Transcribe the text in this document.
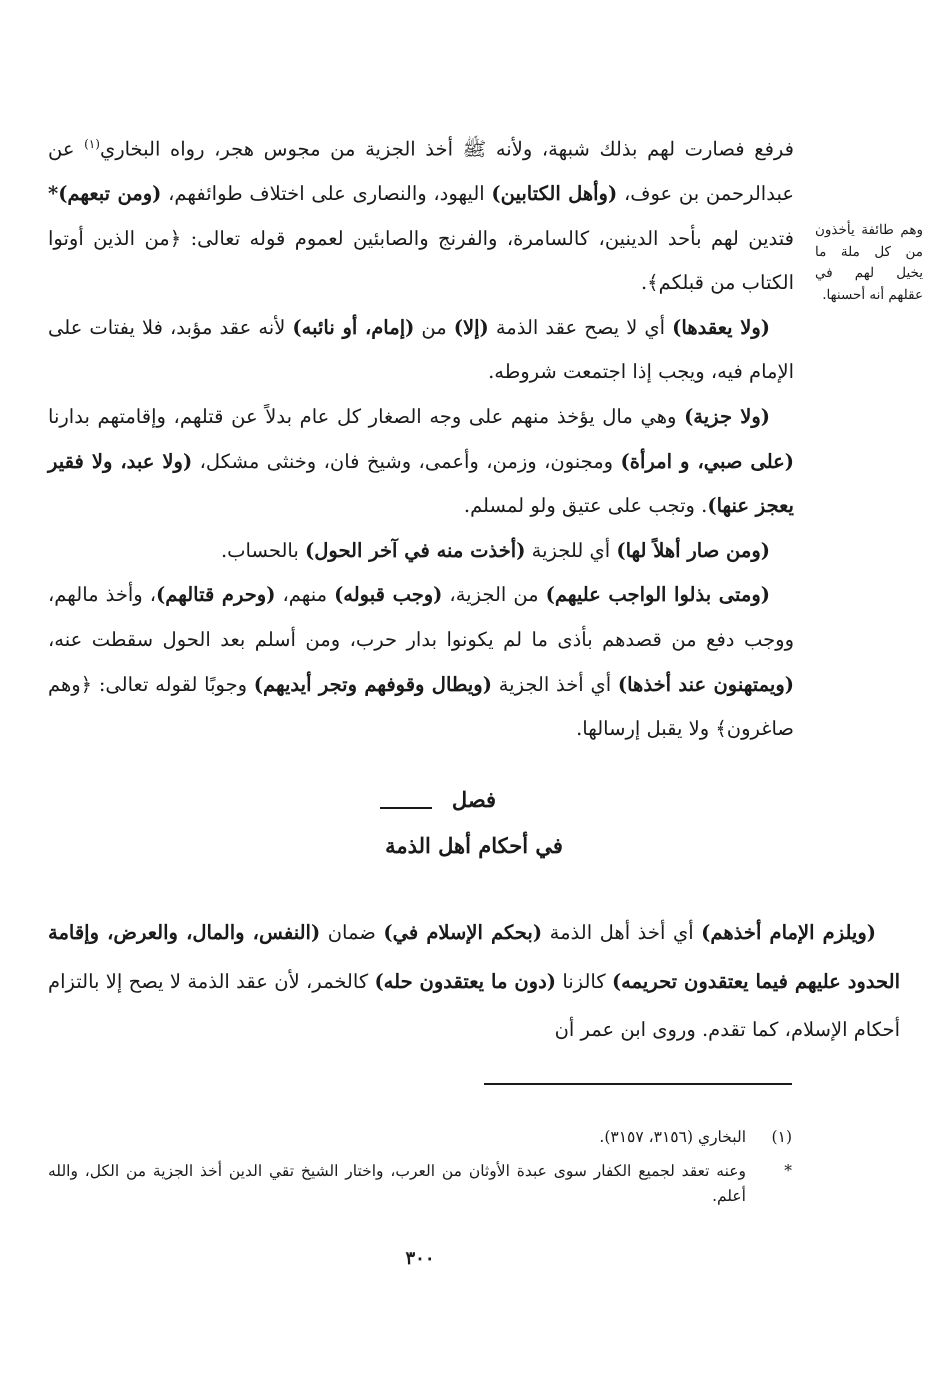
فرفع فصارت لهم بذلك شبهة، ولأنه ﷺ أخذ الجزية من مجوس هجر، رواه البخاري$^{(١)}$ عن عبدالرحمن بن عوف، (وأهل الكتابين) اليهود، والنصارى على اختلاف طوائفهم، (ومن تبعهم)* فتدين لهم بأحد الدينين، كالسامرة، والفرنج والصابئين لعموم قوله تعالى: ﴿من الذين أوتوا الكتاب من قبلكم﴾.

(ولا يعقدها) أي لا يصح عقد الذمة (إلا) من (إمام، أو نائبه) لأنه عقد مؤبد، فلا يفتات على الإمام فيه، ويجب إذا اجتمعت شروطه.

(ولا جزية) وهي مال يؤخذ منهم على وجه الصغار كل عام بدلاً عن قتلهم، وإقامتهم بدارنا (على صبي، و امرأة) ومجنون، وزمن، وأعمى، وشيخ فان، وخنثى مشكل، (ولا عبد، ولا فقير يعجز عنها). وتجب على عتيق ولو لمسلم.

(ومن صار أهلاً لها) أي للجزية (أخذت منه في آخر الحول) بالحساب.

(ومتى بذلوا الواجب عليهم) من الجزية، (وجب قبوله) منهم، (وحرم قتالهم)، وأخذ مالهم، ووجب دفع من قصدهم بأذى ما لم يكونوا بدار حرب، ومن أسلم بعد الحول سقطت عنه، (ويمتهنون عند أخذها) أي أخذ الجزية (ويطال وقوفهم وتجر أيديهم) وجوبًا لقوله تعالى: ﴿وهم صاغرون﴾ ولا يقبل إرسالها.

وهم طائفة يأخذون من كل ملة ما يخيل لهم في عقلهم أنه أحسنها.
فصل
في أحكام أهل الذمة

(ويلزم الإمام أخذهم) أي أخذ أهل الذمة (بحكم الإسلام في) ضمان (النفس، والمال، والعرض، وإقامة الحدود عليهم فيما يعتقدون تحريمه) كالزنا (دون ما يعتقدون حله) كالخمر، لأن عقد الذمة لا يصح إلا بالتزام أحكام الإسلام، كما تقدم. وروى ابن عمر أن

(١)
البخاري (٣١٥٦، ٣١٥٧).
*
وعنه تعقد لجميع الكفار سوى عبدة الأوثان من العرب، واختار الشيخ تقي الدين أخذ الجزية من الكل، والله أعلم.
٣٠٠
